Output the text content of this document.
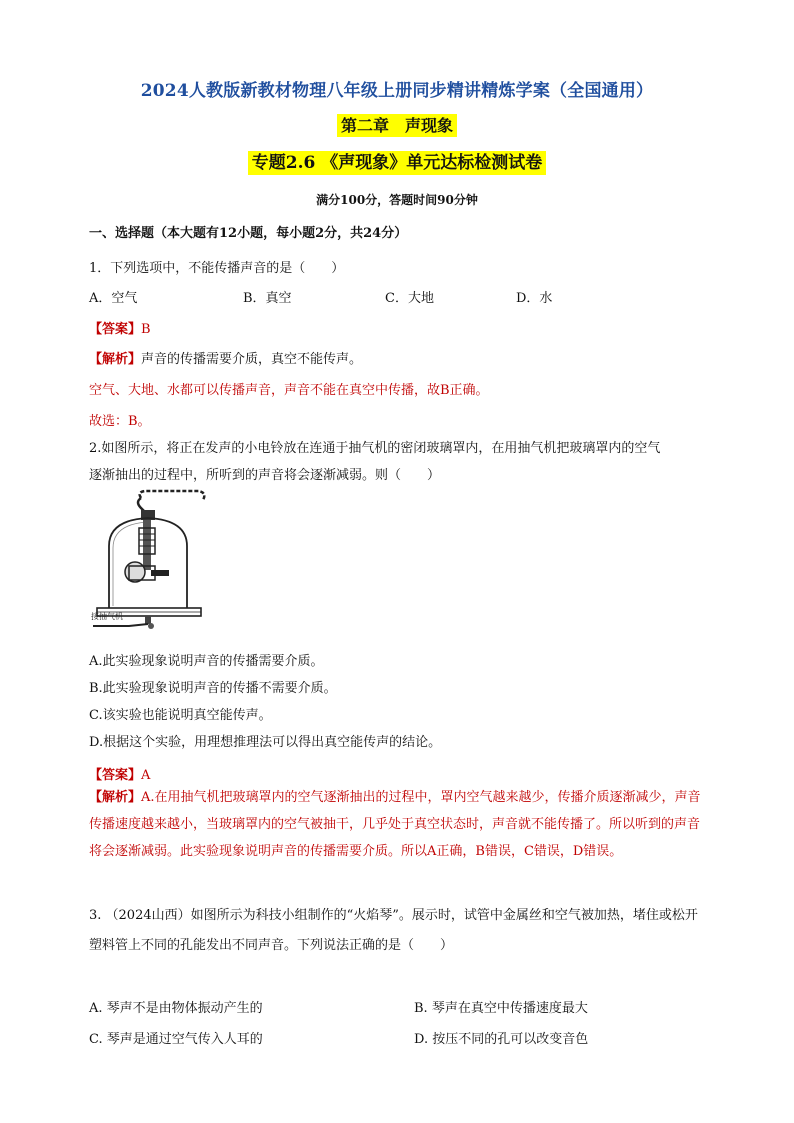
2024人教版新教材物理八年级上册同步精讲精炼学案（全国通用）
第二章　声现象
专题2.6 《声现象》单元达标检测试卷
满分100分，答题时间90分钟
一、选择题（本大题有12小题，每小题2分，共24分）
1．下列选项中，不能传播声音的是（　　）
A．空气	B．真空	C．大地	D．水
【答案】B
【解析】声音的传播需要介质，真空不能传声。
空气、大地、水都可以传播声音，声音不能在真空中传播，故B正确。
故选：B。
2.如图所示，将正在发声的小电铃放在连通于抽气机的密闭玻璃罩内，在用抽气机把玻璃罩内的空气
逐渐抽出的过程中，所听到的声音将会逐渐减弱。则（　　）
接抽气机
A.此实验现象说明声音的传播需要介质。
B.此实验现象说明声音的传播不需要介质。
C.该实验也能说明真空能传声。
D.根据这个实验，用理想推理法可以得出真空能传声的结论。
【答案】A
【解析】A.在用抽气机把玻璃罩内的空气逐渐抽出的过程中，罩内空气越来越少，传播介质逐渐减少，声音传播速度越来越小，当玻璃罩内的空气被抽干，几乎处于真空状态时，声音就不能传播了。所以听到的声音将会逐渐减弱。此实验现象说明声音的传播需要介质。所以A正确，B错误，C错误，D错误。
3. （2024山西）如图所示为科技小组制作的“火焰琴”。展示时，试管中金属丝和空气被加热，堵住或松开塑料管上不同的孔能发出不同声音。下列说法正确的是（　　）
A. 琴声不是由物体振动产生的	B. 琴声在真空中传播速度最大
C. 琴声是通过空气传入人耳的	D. 按压不同的孔可以改变音色
